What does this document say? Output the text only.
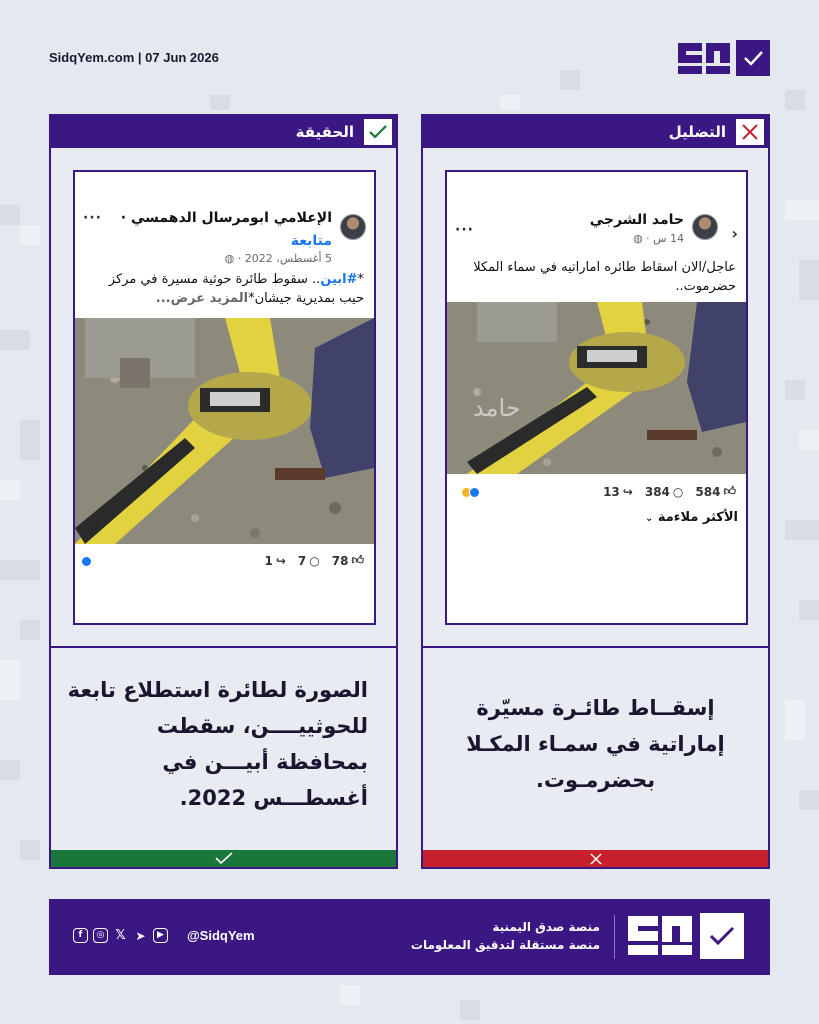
SidqYem.com | 07 Jun 2026
الحقيقة
···	الإعلامي ابومرسال الدهمسي ·
متابعة
5 أغسطس، 2022 · ◍
*#ابين.. سقوط طائرة حوثية مسيرة في مركز
حيب بمديرية جيشان*المزيد عرض...
1 ↪ 7 ○ 78 👍︎
الصورة لطائرة استطلاع تابعة للحوثييــــن، سقطت بمحافظة أبيـــن في أغسطـــس 2022.
التضليل
···	‹
حامد الشرجي
14 س · ◍
عاجل/الان اسقاط طائره اماراتيه في سماء المكلا حضرموت..
حامد
13 ↪ 384 ○ 584 👍︎
الأكثر ملاءمة ⌄
إسقــاط طائـرة مسيّرة إماراتية في سمـاء المكـلا بحضرمـوت.
f	◎ 𝕏 ➤	▶	@SidqYem
منصة صدق اليمنية
منصة مستقلة لتدقيق المعلومات
